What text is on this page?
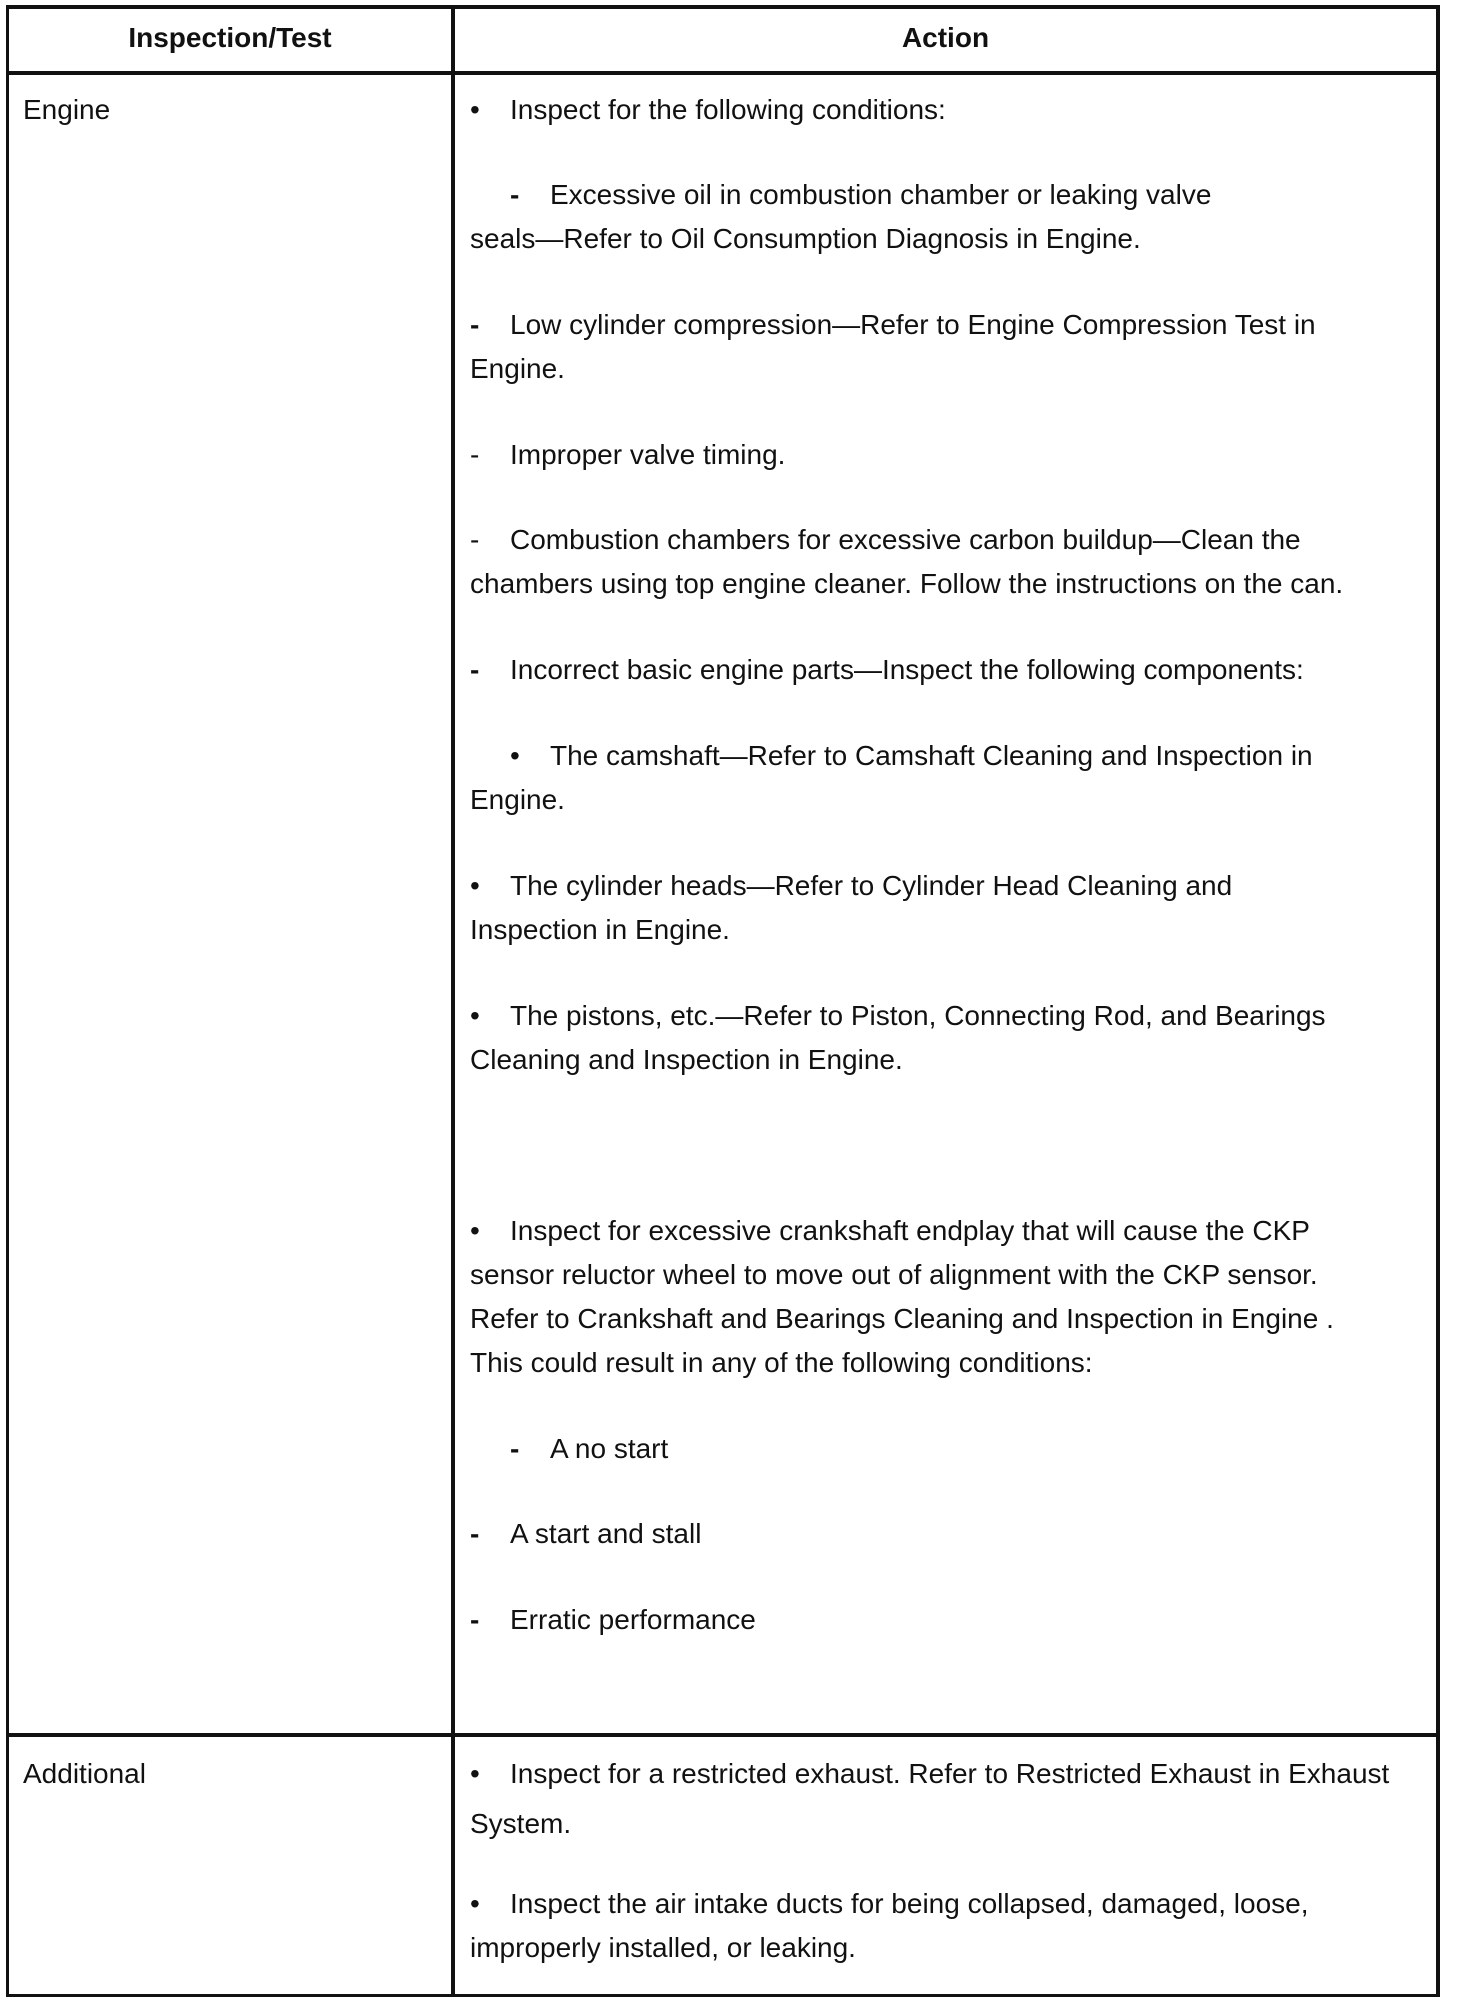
Inspection/Test	Action
Engine
Additional
• Inspect for the following conditions:
- Excessive oil in combustion chamber or leaking valve
seals—Refer to Oil Consumption Diagnosis in Engine.
- Low cylinder compression—Refer to Engine Compression Test in
Engine.
- Improper valve timing.
- Combustion chambers for excessive carbon buildup—Clean the
chambers using top engine cleaner. Follow the instructions on the can.
- Incorrect basic engine parts—Inspect the following components:
• The camshaft—Refer to Camshaft Cleaning and Inspection in
Engine.
• The cylinder heads—Refer to Cylinder Head Cleaning and
Inspection in Engine.
• The pistons, etc.—Refer to Piston, Connecting Rod, and Bearings
Cleaning and Inspection in Engine.
• Inspect for excessive crankshaft endplay that will cause the CKP
sensor reluctor wheel to move out of alignment with the CKP sensor.
Refer to Crankshaft and Bearings Cleaning and Inspection in Engine .
This could result in any of the following conditions:
- A no start
- A start and stall
- Erratic performance
• Inspect for a restricted exhaust. Refer to Restricted Exhaust in Exhaust
System.
• Inspect the air intake ducts for being collapsed, damaged, loose,
improperly installed, or leaking.
